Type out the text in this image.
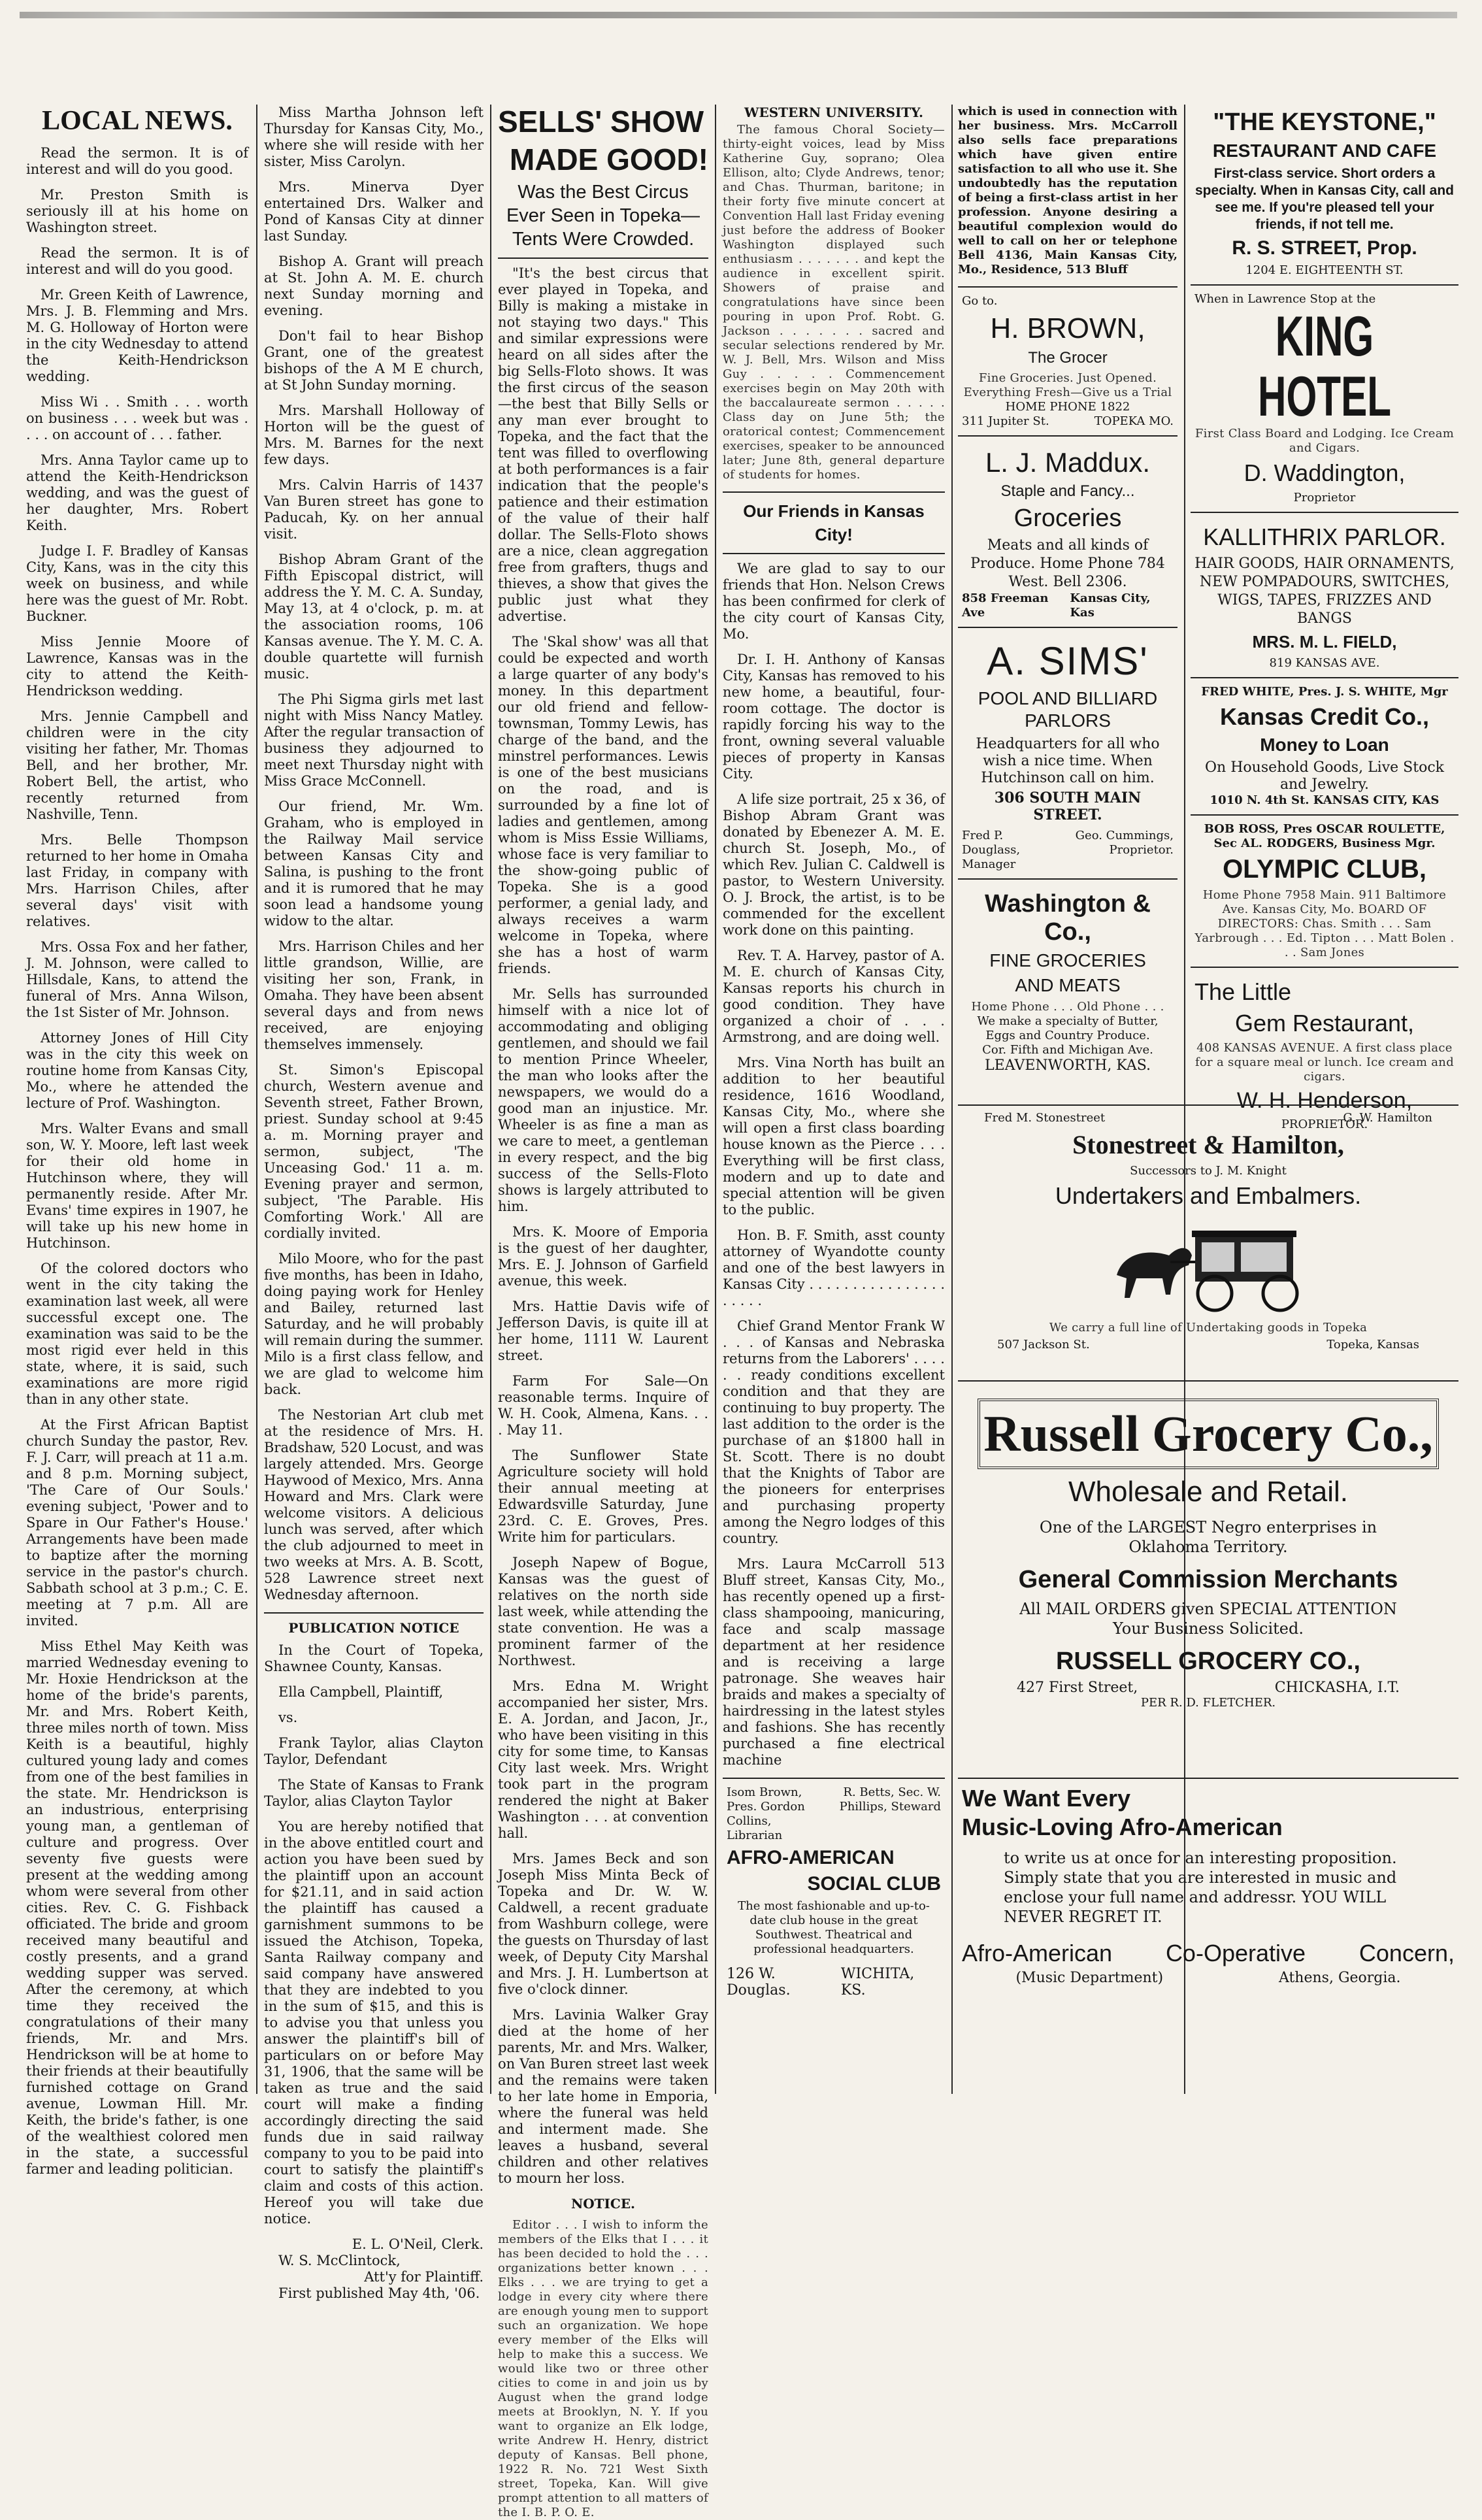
LOCAL NEWS.
Read the sermon. It is of interest and will do you good.
Mr. Preston Smith is seriously ill at his home on Washington street.
Read the sermon. It is of interest and will do you good.
Mr. Green Keith of Lawrence, Mrs. J. B. Flemming and Mrs. M. G. Holloway of Horton were in the city Wednesday to attend the Keith-Hendrickson wedding.
Miss Wi . . Smith . . . worth on business . . . week but was . . . . on account of . . . father.
Mrs. Anna Taylor came up to attend the Keith-Hendrickson wedding, and was the guest of her daughter, Mrs. Robert Keith.
Judge I. F. Bradley of Kansas City, Kans, was in the city this week on business, and while here was the guest of Mr. Robt. Buckner.
Miss Jennie Moore of Lawrence, Kansas was in the city to attend the Keith-Hendrickson wedding.
Mrs. Jennie Campbell and children were in the city visiting her father, Mr. Thomas Bell, and her brother, Mr. Robert Bell, the artist, who recently returned from Nashville, Tenn.
Mrs. Belle Thompson returned to her home in Omaha last Friday, in company with Mrs. Harrison Chiles, after several days' visit with relatives.
Mrs. Ossa Fox and her father, J. M. Johnson, were called to Hillsdale, Kans, to attend the funeral of Mrs. Anna Wilson, the 1st Sister of Mr. Johnson.
Attorney Jones of Hill City was in the city this week on routine home from Kansas City, Mo., where he attended the lecture of Prof. Washington.
Mrs. Walter Evans and small son, W. Y. Moore, left last week for their old home in Hutchinson where, they will permanently reside. After Mr. Evans' time expires in 1907, he will take up his new home in Hutchinson.
Of the colored doctors who went in the city taking the examination last week, all were successful except one. The examination was said to be the most rigid ever held in this state, where, it is said, such examinations are more rigid than in any other state.
At the First African Baptist church Sunday the pastor, Rev. F. J. Carr, will preach at 11 a.m. and 8 p.m. Morning subject, 'The Care of Our Souls.' evening subject, 'Power and to Spare in Our Father's House.' Arrangements have been made to baptize after the morning service in the pastor's church. Sabbath school at 3 p.m.; C. E. meeting at 7 p.m. All are invited.
Miss Ethel May Keith was married Wednesday evening to Mr. Hoxie Hendrickson at the home of the bride's parents, Mr. and Mrs. Robert Keith, three miles north of town. Miss Keith is a beautiful, highly cultured young lady and comes from one of the best families in the state. Mr. Hendrickson is an industrious, enterprising young man, a gentleman of culture and progress. Over seventy five guests were present at the wedding among whom were several from other cities. Rev. C. G. Fishback officiated. The bride and groom received many beautiful and costly presents, and a grand wedding supper was served. After the ceremony, at which time they received the congratulations of their many friends, Mr. and Mrs. Hendrickson will be at home to their friends at their beautifully furnished cottage on Grand avenue, Lowman Hill. Mr. Keith, the bride's father, is one of the wealthiest colored men in the state, a successful farmer and leading politician.
Miss Martha Johnson left Thursday for Kansas City, Mo., where she will reside with her sister, Miss Carolyn.
Mrs. Minerva Dyer entertained Drs. Walker and Pond of Kansas City at dinner last Sunday.
Bishop A. Grant will preach at St. John A. M. E. church next Sunday morning and evening.
Don't fail to hear Bishop Grant, one of the greatest bishops of the A M E church, at St John Sunday morning.
Mrs. Marshall Holloway of Horton will be the guest of Mrs. M. Barnes for the next few days.
Mrs. Calvin Harris of 1437 Van Buren street has gone to Paducah, Ky. on her annual visit.
Bishop Abram Grant of the Fifth Episcopal district, will address the Y. M. C. A. Sunday, May 13, at 4 o'clock, p. m. at the association rooms, 106 Kansas avenue. The Y. M. C. A. double quartette will furnish music.
The Phi Sigma girls met last night with Miss Nancy Matley. After the regular transaction of business they adjourned to meet next Thursday night with Miss Grace McConnell.
Our friend, Mr. Wm. Graham, who is employed in the Railway Mail service between Kansas City and Salina, is pushing to the front and it is rumored that he may soon lead a handsome young widow to the altar.
Mrs. Harrison Chiles and her little grandson, Willie, are visiting her son, Frank, in Omaha. They have been absent several days and from news received, are enjoying themselves immensely.
St. Simon's Episcopal church, Western avenue and Seventh street, Father Brown, priest. Sunday school at 9:45 a. m. Morning prayer and sermon, subject, 'The Unceasing God.' 11 a. m. Evening prayer and sermon, subject, 'The Parable. His Comforting Work.' All are cordially invited.
Milo Moore, who for the past five months, has been in Idaho, doing paying work for Henley and Bailey, returned last Saturday, and he will probably will remain during the summer. Milo is a first class fellow, and we are glad to welcome him back.
The Nestorian Art club met at the residence of Mrs. H. Bradshaw, 520 Locust, and was largely attended. Mrs. George Haywood of Mexico, Mrs. Anna Howard and Mrs. Clark were welcome visitors. A delicious lunch was served, after which the club adjourned to meet in two weeks at Mrs. A. B. Scott, 528 Lawrence street next Wednesday afternoon.
PUBLICATION NOTICE
In the Court of Topeka, Shawnee County, Kansas.
Ella Campbell, Plaintiff,
vs.
Frank Taylor, alias Clayton Taylor, Defendant
The State of Kansas to Frank Taylor, alias Clayton Taylor
You are hereby notified that in the above entitled court and action you have been sued by the plaintiff upon an account for $21.11, and in said action the plaintiff has caused a garnishment summons to be issued the Atchison, Topeka, Santa Railway company and said company have answered that they are indebted to you in the sum of $15, and this is to advise you that unless you answer the plaintiff's bill of particulars on or before May 31, 1906, that the same will be taken as true and the said court will make a finding accordingly directing the said funds due in said railway company to you to be paid into court to satisfy the plaintiff's claim and costs of this action. Hereof you will take due notice.
E. L. O'Neil, Clerk.
W. S. McClintock,
Att'y for Plaintiff.
First published May 4th, '06.
SELLS' SHOW
MADE GOOD!
Was the Best Circus Ever Seen in Topeka—Tents Were Crowded.
"It's the best circus that ever played in Topeka, and Billy is making a mistake in not staying two days." This and similar expressions were heard on all sides after the big Sells-Floto shows. It was the first circus of the season—the best that Billy Sells or any man ever brought to Topeka, and the fact that the tent was filled to overflowing at both performances is a fair indication that the people's patience and their estimation of the value of their half dollar. The Sells-Floto shows are a nice, clean aggregation free from grafters, thugs and thieves, a show that gives the public just what they advertise.
The 'Skal show' was all that could be expected and worth a large quarter of any body's money. In this department our old friend and fellow-townsman, Tommy Lewis, has charge of the band, and the minstrel performances. Lewis is one of the best musicians on the road, and is surrounded by a fine lot of ladies and gentlemen, among whom is Miss Essie Williams, whose face is very familiar to the show-going public of Topeka. She is a good performer, a genial lady, and always receives a warm welcome in Topeka, where she has a host of warm friends.
Mr. Sells has surrounded himself with a nice lot of accommodating and obliging gentlemen, and should we fail to mention Prince Wheeler, the man who looks after the newspapers, we would do a good man an injustice. Mr. Wheeler is as fine a man as we care to meet, a gentleman in every respect, and the big success of the Sells-Floto shows is largely attributed to him.
Mrs. K. Moore of Emporia is the guest of her daughter, Mrs. E. J. Johnson of Garfield avenue, this week.
Mrs. Hattie Davis wife of Jefferson Davis, is quite ill at her home, 1111 W. Laurent street.
Farm For Sale—On reasonable terms. Inquire of W. H. Cook, Almena, Kans. . . . May 11.
The Sunflower State Agriculture society will hold their annual meeting at Edwardsville Saturday, June 23rd. C. E. Groves, Pres. Write him for particulars.
Joseph Napew of Bogue, Kansas was the guest of relatives on the north side last week, while attending the state convention. He was a prominent farmer of the Northwest.
Mrs. Edna M. Wright accompanied her sister, Mrs. E. A. Jordan, and Jacon, Jr., who have been visiting in this city for some time, to Kansas City last week. Mrs. Wright took part in the program rendered the night at Baker Washington . . . at convention hall.
Mrs. James Beck and son Joseph Miss Minta Beck of Topeka and Dr. W. W. Caldwell, a recent graduate from Washburn college, were the guests on Thursday of last week, of Deputy City Marshal and Mrs. J. H. Lumbertson at five o'clock dinner.
Mrs. Lavinia Walker Gray died at the home of her parents, Mr. and Mrs. Walker, on Van Buren street last week and the remains were taken to her late home in Emporia, where the funeral was held and interment made. She leaves a husband, several children and other relatives to mourn her loss.
NOTICE.
Editor . . . I wish to inform the members of the Elks that I . . . it has been decided to hold the . . . organizations better known . . . Elks . . . we are trying to get a lodge in every city where there are enough young men to support such an organization. We hope every member of the Elks will help to make this a success. We would like two or three other cities to come in and join us by August when the grand lodge meets at Brooklyn, N. Y. If you want to organize an Elk lodge, write Andrew H. Henry, district deputy of Kansas. Bell phone, 1922 R. No. 721 West Sixth street, Topeka, Kan. Will give prompt attention to all matters of the I. B. P. O. E.
WESTERN UNIVERSITY.
The famous Choral Society—thirty-eight voices, lead by Miss Katherine Guy, soprano; Olea Ellison, alto; Clyde Andrews, tenor; and Chas. Thurman, baritone; in their forty five minute concert at Convention Hall last Friday evening just before the address of Booker Washington displayed such enthusiasm . . . . . . . and kept the audience in excellent spirit. Showers of praise and congratulations have since been pouring in upon Prof. Robt. G. Jackson . . . . . . . sacred and secular selections rendered by Mr. W. J. Bell, Mrs. Wilson and Miss Guy . . . . . Commencement exercises begin on May 20th with the baccalaureate sermon . . . . . Class day on June 5th; the oratorical contest; Commencement exercises, speaker to be announced later; June 8th, general departure of students for homes.
Our Friends in Kansas City!
We are glad to say to our friends that Hon. Nelson Crews has been confirmed for clerk of the city court of Kansas City, Mo.
Dr. I. H. Anthony of Kansas City, Kansas has removed to his new home, a beautiful, four-room cottage. The doctor is rapidly forcing his way to the front, owning several valuable pieces of property in Kansas City.
A life size portrait, 25 x 36, of Bishop Abram Grant was donated by Ebenezer A. M. E. church St. Joseph, Mo., of which Rev. Julian C. Caldwell is pastor, to Western University. O. J. Brock, the artist, is to be commended for the excellent work done on this painting.
Rev. T. A. Harvey, pastor of A. M. E. church of Kansas City, Kansas reports his church in good condition. They have organized a choir of . . . Armstrong, and are doing well.
Mrs. Vina North has built an addition to her beautiful residence, 1616 Woodland, Kansas City, Mo., where she will open a first class boarding house known as the Pierce . . . Everything will be first class, modern and up to date and special attention will be given to the public.
Hon. B. F. Smith, asst county attorney of Wyandotte county and one of the best lawyers in Kansas City . . . . . . . . . . . . . . . . . . . . .
Chief Grand Mentor Frank W . . . of Kansas and Nebraska returns from the Laborers' . . . . . . ready conditions excellent condition and that they are continuing to buy property. The last addition to the order is the purchase of an $1800 hall in St. Scott. There is no doubt that the Knights of Tabor are the pioneers for enterprises and purchasing property among the Negro lodges of this country.
Mrs. Laura McCarroll 513 Bluff street, Kansas City, Mo., has recently opened up a first-class shampooing, manicuring, face and scalp massage department at her residence and is receiving a large patronage. She weaves hair braids and makes a specialty of hairdressing in the latest styles and fashions. She has recently purchased a fine electrical machine
Isom Brown, Pres. Gordon Collins, Librarian
R. Betts, Sec. W. Phillips, Steward
AFRO-AMERICAN
SOCIAL CLUB
The most fashionable and up-to-date club house in the great Southwest. Theatrical and professional headquarters.
126 W. Douglas.
WICHITA, KS.
which is used in connection with her business. Mrs. McCarroll also sells face preparations which have given entire satisfaction to all who use it. She undoubtedly has the reputation of being a first-class artist in her profession. Anyone desiring a beautiful complexion would do well to call on her or telephone Bell 4136, Main Kansas City, Mo., Residence, 513 Bluff
Go to.
H. BROWN,
The Grocer
Fine Groceries. Just Opened. Everything Fresh—Give us a Trial
HOME PHONE 1822
311 Jupiter St.	TOPEKA MO.
L. J. Maddux.
Staple and Fancy...
Groceries
Meats and all kinds of Produce. Home Phone 784 West. Bell 2306.
858 Freeman Ave
Kansas City, Kas
A. SIMS'
POOL AND BILLIARD PARLORS
Headquarters for all who wish a nice time. When Hutchinson call on him.
306 SOUTH MAIN STREET.
Fred P. Douglass, Manager
Geo. Cummings, Proprietor.
Washington & Co.,
FINE GROCERIES
AND MEATS
Home Phone . . . Old Phone . . .
We make a specialty of Butter, Eggs and Country Produce.
Cor. Fifth and Michigan Ave.
LEAVENWORTH, KAS.
"THE KEYSTONE,"
RESTAURANT AND CAFE
First-class service. Short orders a specialty. When in Kansas City, call and see me. If you're pleased tell your friends, if not tell me.
R. S. STREET, Prop.
1204 E. EIGHTEENTH ST.
When in Lawrence Stop at the
KING HOTEL
First Class Board and Lodging. Ice Cream and Cigars.
D. Waddington,
Proprietor
KALLITHRIX PARLOR.
HAIR GOODS, HAIR ORNAMENTS, NEW POMPADOURS, SWITCHES, WIGS, TAPES, FRIZZES AND BANGS
MRS. M. L. FIELD,
819 KANSAS AVE.
FRED WHITE, Pres. J. S. WHITE, Mgr
Kansas Credit Co.,
Money to Loan
On Household Goods, Live Stock and Jewelry.
1010 N. 4th St. KANSAS CITY, KAS
BOB ROSS, Pres OSCAR ROULETTE, Sec AL. RODGERS, Business Mgr.
OLYMPIC CLUB,
Home Phone 7958 Main. 911 Baltimore Ave. Kansas City, Mo. BOARD OF DIRECTORS: Chas. Smith . . . Sam Yarbrough . . . Ed. Tipton . . . Matt Bolen . . . Sam Jones
The Little
Gem Restaurant,
408 KANSAS AVENUE. A first class place for a square meal or lunch. Ice cream and cigars.
W. H. Henderson,
PROPRIETOR.
Fred M. Stonestreet	G. W. Hamilton
Stonestreet & Hamilton,
Successors to J. M. Knight
Undertakers and Embalmers.
We carry a full line of Undertaking goods in Topeka
507 Jackson St.	Topeka, Kansas
Russell Grocery Co.,
Wholesale and Retail.
One of the LARGEST Negro enterprises in Oklahoma Territory.
General Commission Merchants
All MAIL ORDERS given SPECIAL ATTENTION Your Business Solicited.
RUSSELL GROCERY CO.,
427 First Street,	CHICKASHA, I.T.
PER R. D. FLETCHER.
We Want Every
Music-Loving Afro-American
to write us at once for an interesting proposition. Simply state that you are interested in music and enclose your full name and addressr. YOU WILL NEVER REGRET IT.
Afro-American Co-Operative Concern,
(Music Department)	Athens, Georgia.
